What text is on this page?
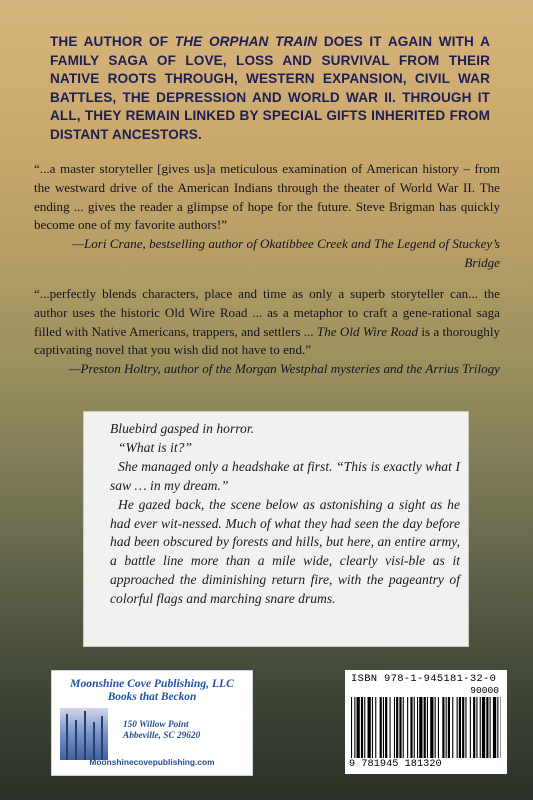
THE AUTHOR OF THE ORPHAN TRAIN DOES IT AGAIN WITH A FAMILY SAGA OF LOVE, LOSS AND SURVIVAL FROM THEIR NATIVE ROOTS THROUGH, WESTERN EXPANSION, CIVIL WAR BATTLES, THE DEPRESSION AND WORLD WAR II. THROUGH IT ALL, THEY REMAIN LINKED BY SPECIAL GIFTS INHERITED FROM DISTANT ANCESTORS.
“...a master storyteller [gives us]a meticulous examination of American history – from the westward drive of the American Indians through the theater of World War II. The ending ... gives the reader a glimpse of hope for the future. Steve Brigman has quickly become one of my favorite authors!”
—Lori Crane, bestselling author of Okatibbee Creek and The Legend of Stuckey’s Bridge
“...perfectly blends characters, place and time as only a superb storyteller can... the author uses the historic Old Wire Road ... as a metaphor to craft a gene-rational saga filled with Native Americans, trappers, and settlers ... The Old Wire Road is a thoroughly captivating novel that you wish did not have to end.”
—Preston Holtry, author of the Morgan Westphal mysteries and the Arrius Trilogy

Bluebird gasped in horror.

“What is it?”

She managed only a headshake at first. “This is exactly what I saw … in my dream.”

He gazed back, the scene below as astonishing a sight as he had ever wit-nessed. Much of what they had seen the day before had been obscured by forests and hills, but here, an entire army, a battle line more than a mile wide, clearly visi-ble as it approached the diminishing return fire, with the pageantry of colorful flags and marching snare drums.

Moonshine Cove Publishing, LLC
Books that Beckon
150 Willow Point
Abbeville, SC 29620
Moonshinecovepublishing.com
ISBN 978-1-945181-32-0
90000
9 781945 181320
